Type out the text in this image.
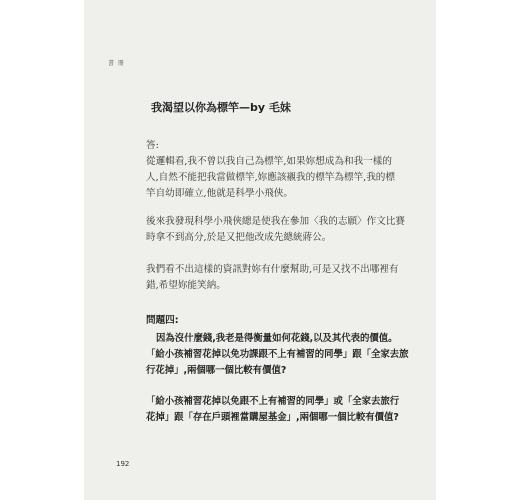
書 冊
我渴望以你為標竿—by 毛妹
答:
從邏輯看,我不曾以我自己為標竿,如果妳想成為和我一樣的
人,自然不能把我當做標竿,妳應該襯我的標竿為標竿,我的標
竿自幼即確立,他就是科學小飛俠。
後來我發現科學小飛俠總是使我在參加〈我的志願〉作文比賽
時拿不到高分,於是又把他改成先總統蔣公。
我們看不出這樣的資訊對妳有什麼幫助,可是又找不出哪裡有
錯,希望妳能笑納。
問題四:
因為沒什麼錢,我老是得衡量如何花錢,以及其代表的價值。
「給小孩補習花掉以免功課跟不上有補習的同學」跟「全家去旅
行花掉」,兩個哪一個比較有價值?
「給小孩補習花掉以免跟不上有補習的同學」或「全家去旅行
花掉」跟「存在戶頭裡當購屋基金」,兩個哪一個比較有價值?
192
